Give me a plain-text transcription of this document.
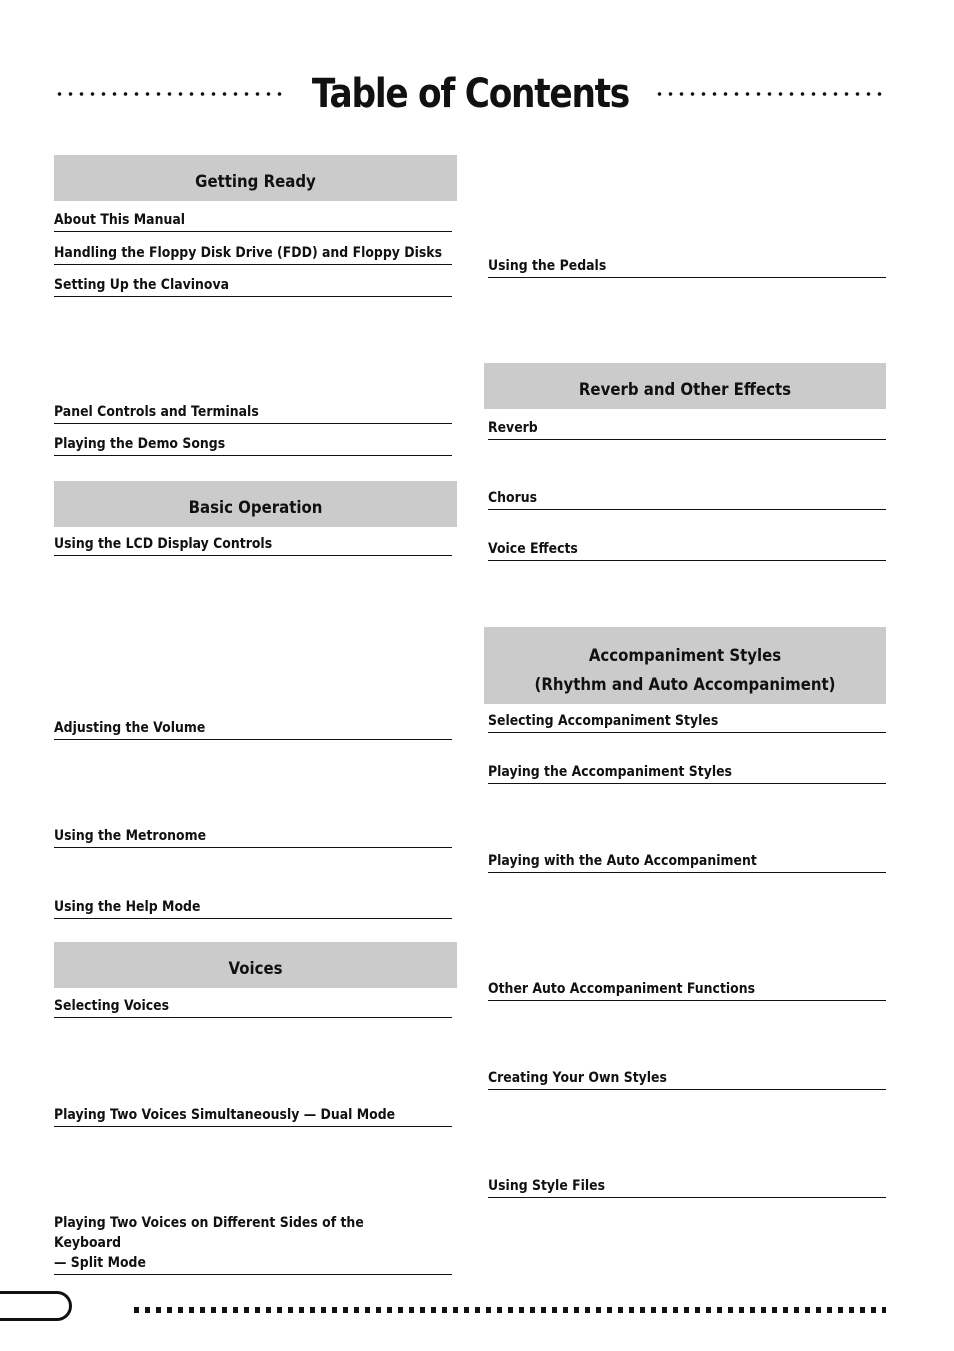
Table of Contents
Getting Ready
About This Manual
Handling the Floppy Disk Drive (FDD) and Floppy Disks
Setting Up the Clavinova
Panel Controls and Terminals
Playing the Demo Songs
Basic Operation
Using the LCD Display Controls
Adjusting the Volume
Using the Metronome
Using the Help Mode
Voices
Selecting Voices
Playing Two Voices Simultaneously — Dual Mode
Playing Two Voices on Different Sides of the Keyboard
— Split Mode
Using the Pedals
Reverb and Other Effects
Reverb
Chorus
Voice Effects
Accompaniment Styles
(Rhythm and Auto Accompaniment)
Selecting Accompaniment Styles
Playing the Accompaniment Styles
Playing with the Auto Accompaniment
Other Auto Accompaniment Functions
Creating Your Own Styles
Using Style Files
